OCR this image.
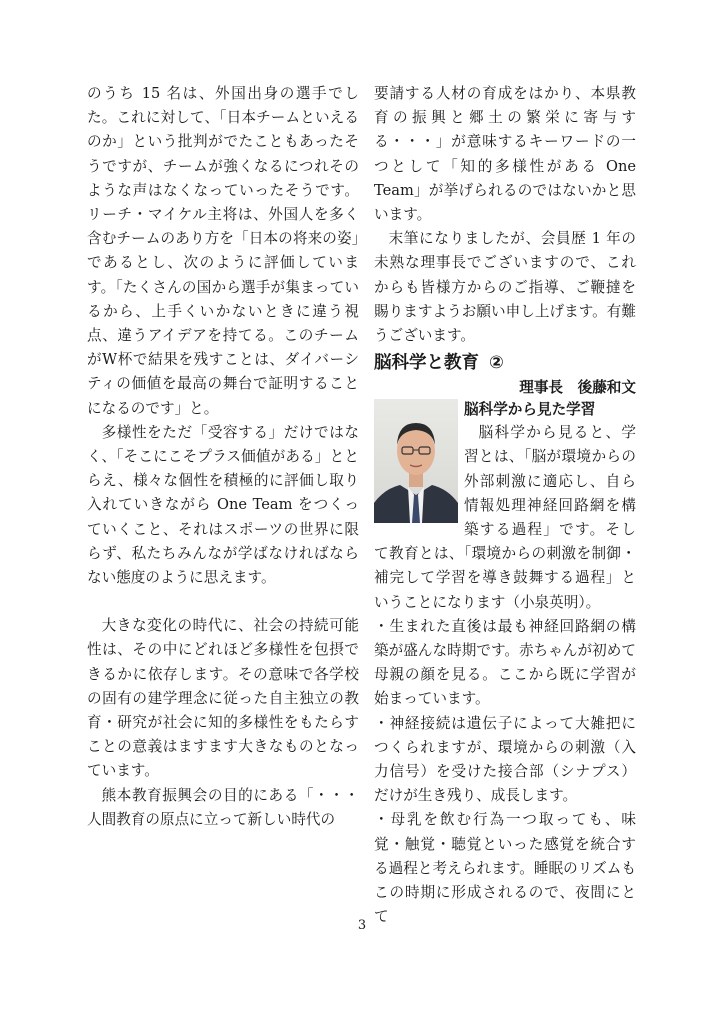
のうち 15 名は、外国出身の選手でした。これに対して、「日本チームといえるのか」という批判がでたこともあったそうですが、チームが強くなるにつれそのような声はなくなっていったそうです。リーチ・マイケル主将は、外国人を多く含むチームのあり方を「日本の将来の姿」であるとし、次のように評価しています。「たくさんの国から選手が集まっているから、上手くいかないときに違う視点、違うアイデアを持てる。このチームがW杯で結果を残すことは、ダイバーシティの価値を最高の舞台で証明することになるのです」と。

多様性をただ「受容する」だけではなく、「そこにこそプラス価値がある」ととらえ、様々な個性を積極的に評価し取り入れていきながら One Team をつくっていくこと、それはスポーツの世界に限らず、私たちみんなが学ばなければならない態度のように思えます。

大きな変化の時代に、社会の持続可能性は、その中にどれほど多様性を包摂できるかに依存します。その意味で各学校の固有の建学理念に従った自主独立の教育・研究が社会に知的多様性をもたらすことの意義はますます大きなものとなっています。

熊本教育振興会の目的にある「・・・人間教育の原点に立って新しい時代の

要請する人材の育成をはかり、本県教育の振興と郷土の繁栄に寄与する・・・」が意味するキーワードの一つとして「知的多様性がある One Team」が挙げられるのではないかと思います。

末筆になりましたが、会員歴 1 年の未熟な理事長でございますので、これからも皆様方からのご指導、ご鞭撻を賜りますようお願い申し上げます。有難うございます。

脳科学と教育 ②
理事長　後藤和文
脳科学から見た学習

脳科学から見ると、学習とは、「脳が環境からの外部刺激に適応し、自ら情報処理神経回路網を構築する過程」です。そして教育とは、「環境からの刺激を制御・補完して学習を導き鼓舞する過程」ということになります（小泉英明）。

・生まれた直後は最も神経回路網の構築が盛んな時期です。赤ちゃんが初めて母親の顔を見る。ここから既に学習が始まっています。

・神経接続は遺伝子によって大雑把につくられますが、環境からの刺激（入力信号）を受けた接合部（シナプス）だけが生き残り、成長します。

・母乳を飲む行為一つ取っても、味覚・触覚・聴覚といった感覚を統合する過程と考えられます。睡眠のリズムもこの時期に形成されるので、夜間にとて

3
